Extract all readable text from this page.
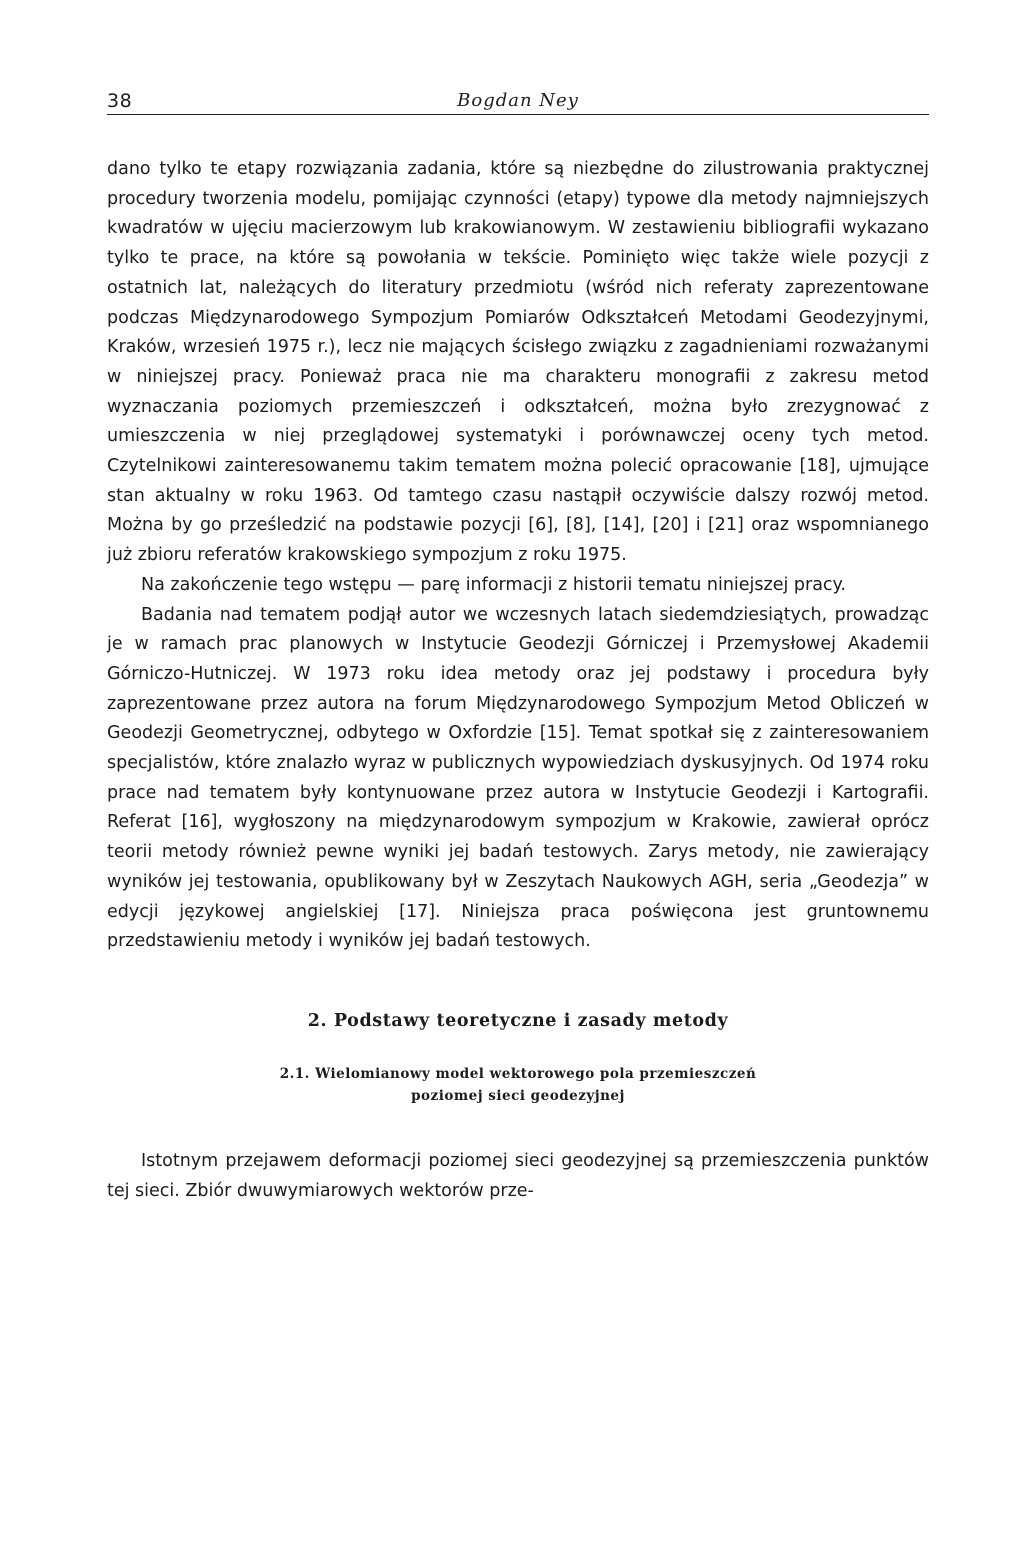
38	Bogdan Ney

dano tylko te etapy rozwiązania zadania, które są niezbędne do zilustrowania praktycznej procedury tworzenia modelu, pomijając czynności (etapy) typowe dla metody najmniejszych kwadratów w ujęciu macierzowym lub krakowianowym. W zestawieniu bibliografii wykazano tylko te prace, na które są powołania w tekście. Pominięto więc także wiele pozycji z ostatnich lat, należących do literatury przedmiotu (wśród nich referaty zaprezentowane podczas Międzynarodowego Sympozjum Pomiarów Odkształceń Metodami Geodezyjnymi, Kraków, wrzesień 1975 r.), lecz nie mających ścisłego związku z zagadnieniami rozważanymi w niniejszej pracy. Ponieważ praca nie ma charakteru monografii z zakresu metod wyznaczania poziomych przemieszczeń i odkształceń, można było zrezygnować z umieszczenia w niej przeglądowej systematyki i porównawczej oceny tych metod. Czytelnikowi zainteresowanemu takim tematem można polecić opracowanie [18], ujmujące stan aktualny w roku 1963. Od tamtego czasu nastąpił oczywiście dalszy rozwój metod. Można by go prześledzić na podstawie pozycji [6], [8], [14], [20] i [21] oraz wspomnianego już zbioru referatów krakowskiego sympozjum z roku 1975.

Na zakończenie tego wstępu — parę informacji z historii tematu niniejszej pracy.

Badania nad tematem podjął autor we wczesnych latach siedemdziesiątych, prowadząc je w ramach prac planowych w Instytucie Geodezji Górniczej i Przemysłowej Akademii Górniczo-Hutniczej. W 1973 roku idea metody oraz jej podstawy i procedura były zaprezentowane przez autora na forum Międzynarodowego Sympozjum Metod Obliczeń w Geodezji Geometrycznej, odbytego w Oxfordzie [15]. Temat spotkał się z zainteresowaniem specjalistów, które znalazło wyraz w publicznych wypowiedziach dyskusyjnych. Od 1974 roku prace nad tematem były kontynuowane przez autora w Instytucie Geodezji i Kartografii. Referat [16], wygłoszony na międzynarodowym sympozjum w Krakowie, zawierał oprócz teorii metody również pewne wyniki jej badań testowych. Zarys metody, nie zawierający wyników jej testowania, opublikowany był w Zeszytach Naukowych AGH, seria „Geodezja” w edycji językowej angielskiej [17]. Niniejsza praca poświęcona jest gruntownemu przedstawieniu metody i wyników jej badań testowych.

2. Podstawy teoretyczne i zasady metody
2.1. Wielomianowy model wektorowego pola przemieszczeń
poziomej sieci geodezyjnej

Istotnym przejawem deformacji poziomej sieci geodezyjnej są przemieszczenia punktów tej sieci. Zbiór dwuwymiarowych wektorów prze-
